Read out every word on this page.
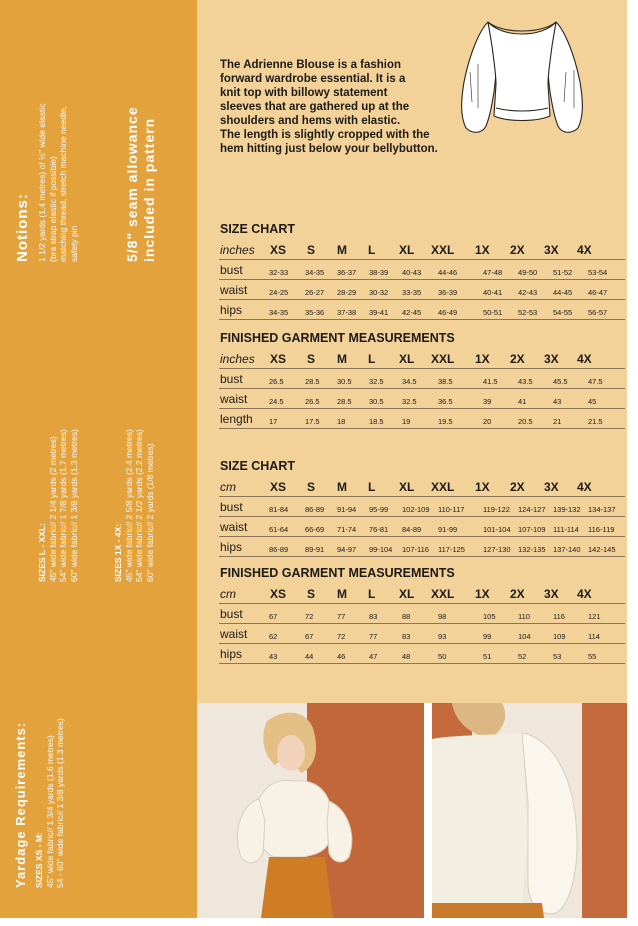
Notions: 1 1/2 yards (1.4 metres) of ½" wide elastic (bra strap elastic if possible) matching thread, stretch machine needle, safety pin	5/8" seam allowance included in pattern
SIZES L - XXL: 45" wide fabric// 2 1/4 yards (2 metres) 54" wide fabric// 1 7/8 yards (1.7 metres) 60" wide fabric// 1 3/8 yards (1.3 metres)	SIZES 1X - 4X: 45" wide fabric// 2 5/8 yards (2.4 metres) 54" wide fabric// 2 1/2 yards (2.2 metres) 60" wide fabric// 2 yards (1/8 metres)
Yardage Requirements: SIZES XS - M: 45" wide fabric// 1 3/4 yards (1.6 metres) 54 - 60" wide fabric// 1 3/8 yards (1.3 metres)
The Adrienne Blouse is a fashion
forward wardrobe essential. It is a
knit top with billowy statement
sleeves that are gathered up at the
shoulders and hems with elastic.
The length is slightly cropped with the
hem hitting just below your bellybutton.
SIZE CHART
inches XS S M L XL XXL 1X 2X 3X 4X
bust	32-33 34-35 36-37 38-39 40-43 44-46	47-48 49-50 51-52 53-54
waist	24-25 26-27 28-29 30-32 33-35 36-39	40-41 42-43 44-45 46-47
hips	34-35 35-36 37-38 39-41 42-45 46-49	50-51 52-53 54-55 56-57
FINISHED GARMENT MEASUREMENTS
inches XS S M L XL XXL 1X 2X 3X 4X
bust	26.5	28.5 30.5 32.5 34.5	38.5	41.5	43.5	45.5	47.5
waist	24.5	26.5 28.5 30.5 32.5	36.5	39	41	43	45
length 17	17.5 18	18.5 19	19.5	20	20.5	21	21.5
SIZE CHART
cm	XS S M L XL XXL 1X 2X 3X 4X
bust	81-84 86-89 91-94 95-99 102-109 110-117 119-122 124-127 139-132 134-137
waist	61-64 66-69 71-74 76-81 84-89 91-99	101-104 107-109 111-114 116-119
hips	86-89 89-91 94-97 99-104 107-116 117-125 127-130 132-135 137-140 142-145
FINISHED GARMENT MEASUREMENTS
cm	XS S M L XL XXL 1X 2X 3X 4X
bust	67	72	77	83	88	98	105	110	116	121
waist	62	67	72	77	83	93	99	104	109	114
hips	43	44	46	47	48	50	51	52	53	55
